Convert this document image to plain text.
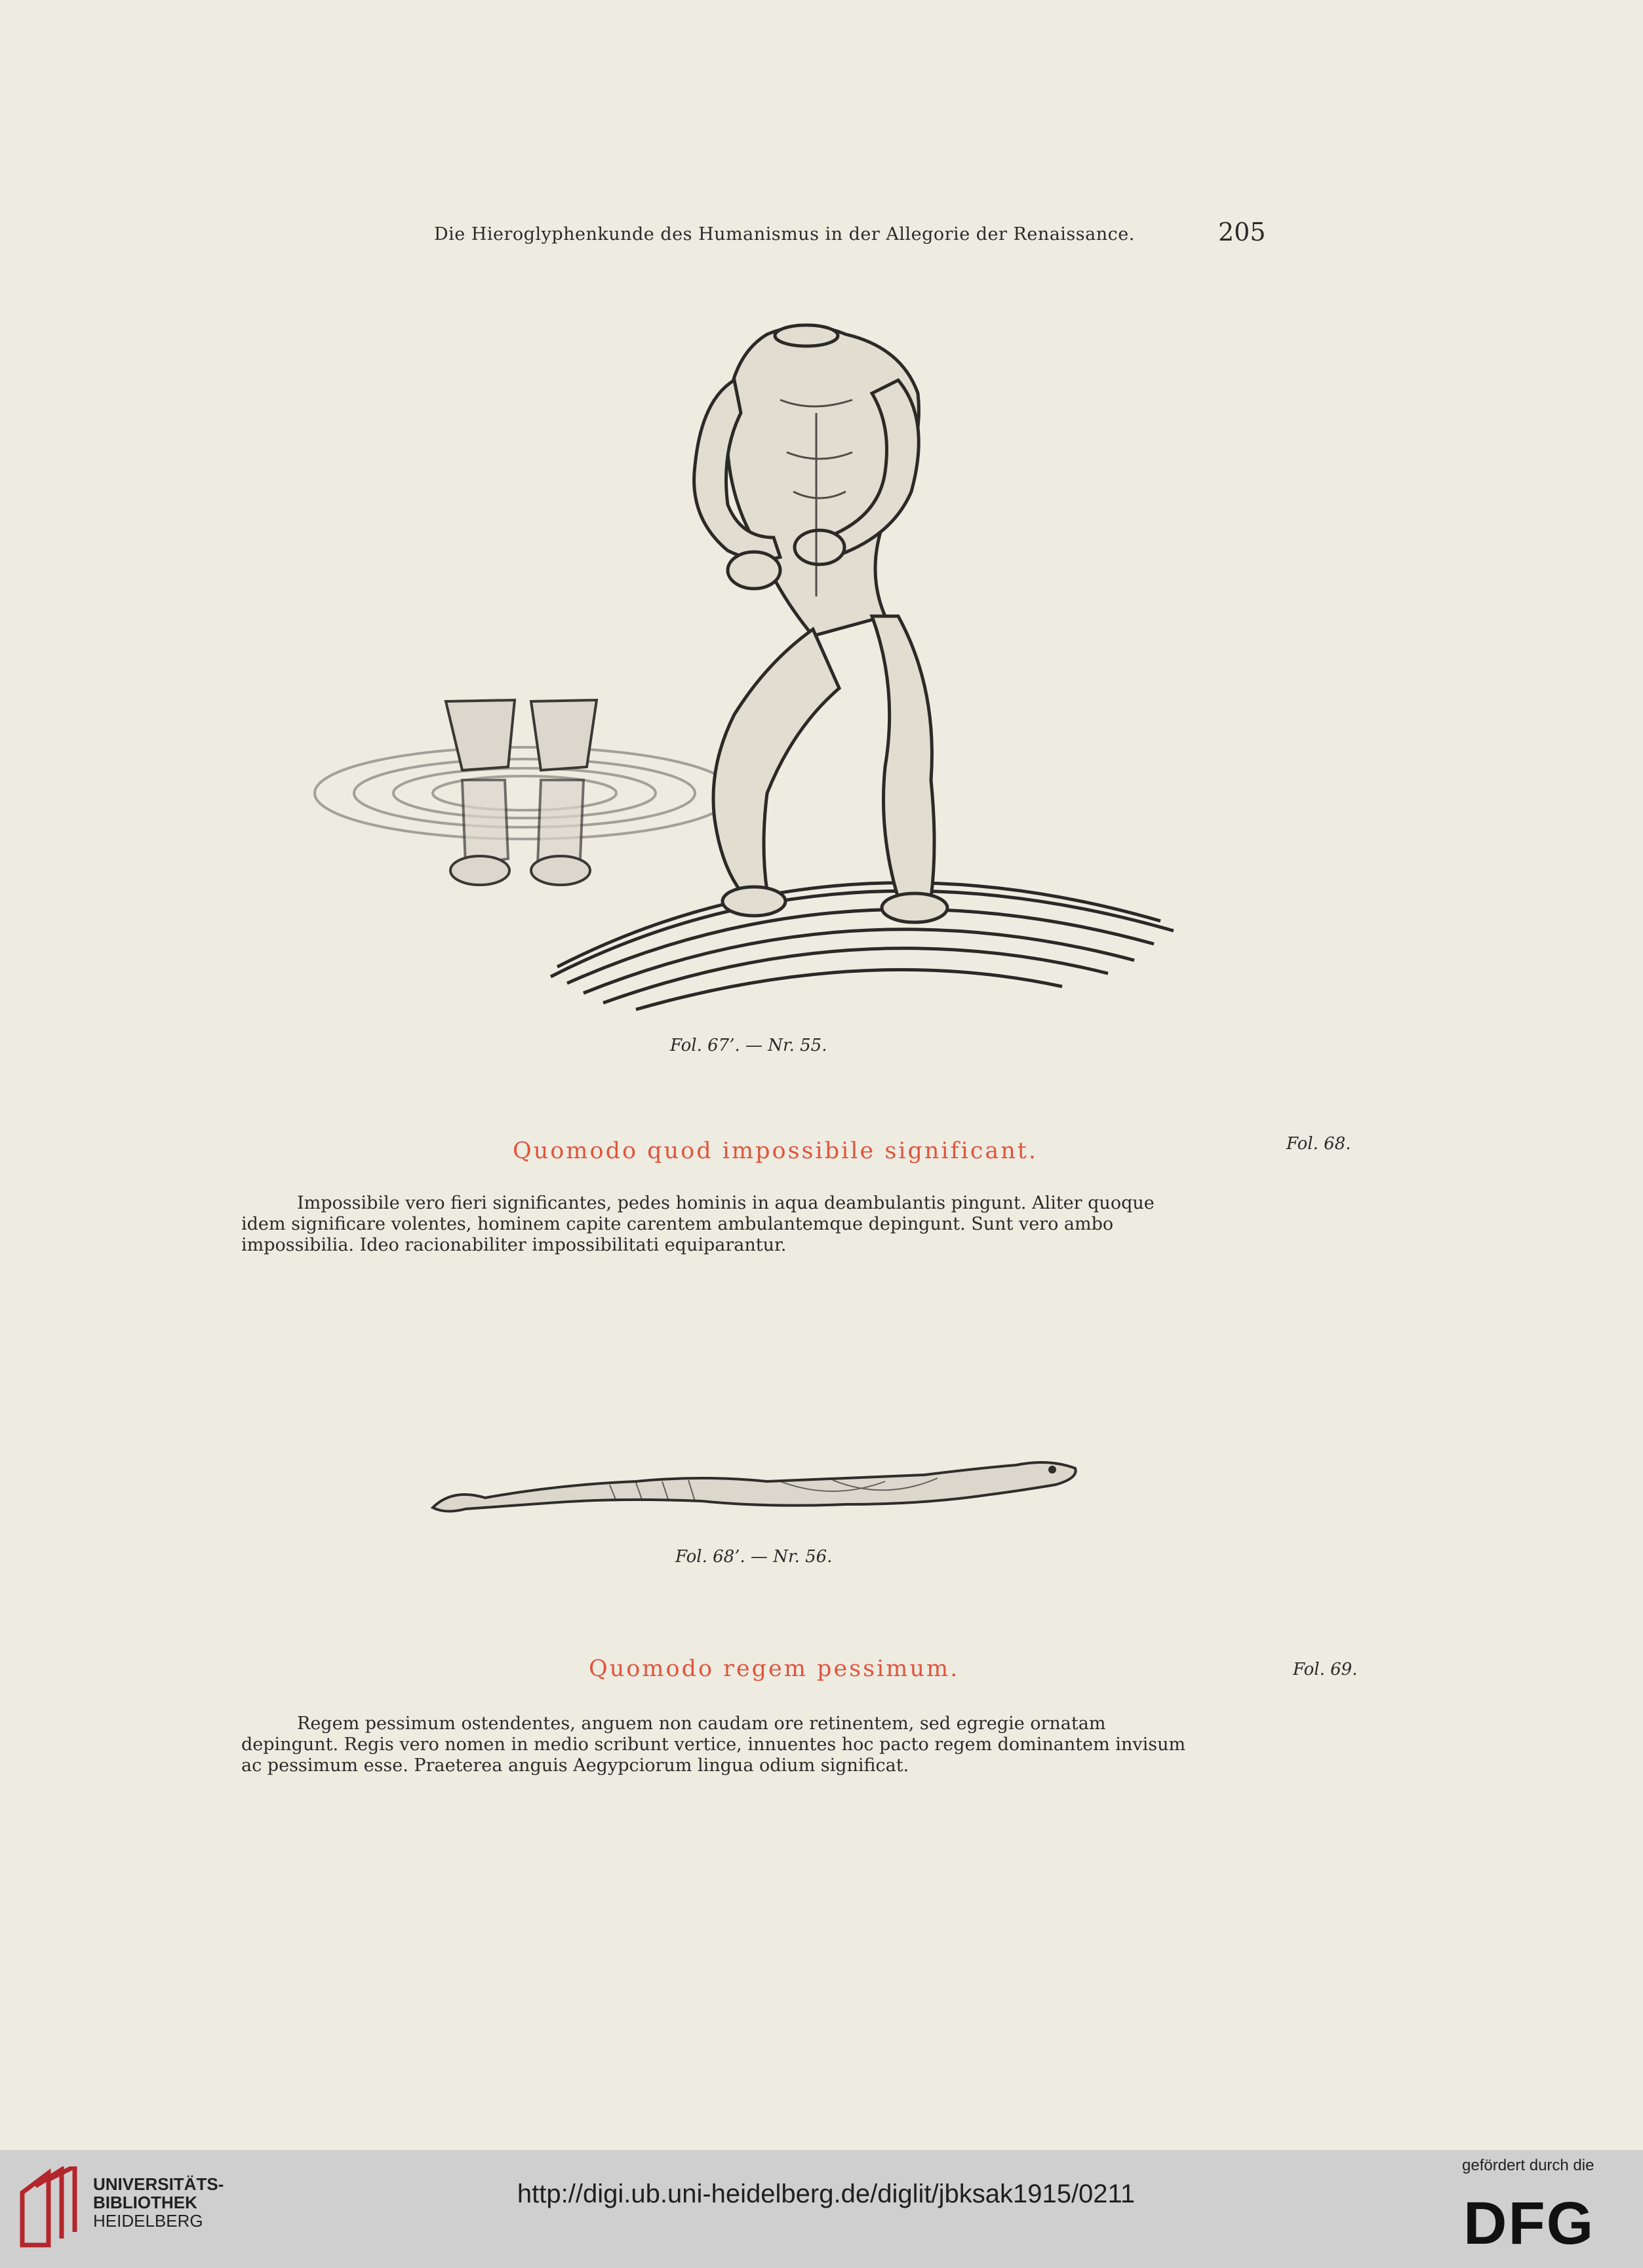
Die Hieroglyphenkunde des Humanismus in der Allegorie der Renaissance.	205
Fol. 67’. — Nr. 55.
Quomodo quod impossibile significant.	Fol. 68.

Impossibile vero fieri significantes, pedes hominis in aqua deambulantis pingunt. Aliter quoque

idem significare volentes, hominem capite carentem ambulantemque depingunt. Sunt vero ambo
impossibilia. Ideo racionabiliter impossibilitati equiparantur.
Fol. 68’. — Nr. 56.
Quomodo regem pessimum.	Fol. 69.

Regem pessimum ostendentes, anguem non caudam ore retinentem, sed egregie ornatam

depingunt. Regis vero nomen in medio scribunt vertice, innuentes hoc pacto regem dominantem invisum
ac pessimum esse. Praeterea anguis Aegypciorum lingua odium significat.
UNIVERSITÄTS-
BIBLIOTHEK
HEIDELBERG
http://digi.ub.uni-heidelberg.de/diglit/jbksak1915/0211
gefördert durch die
DFG
